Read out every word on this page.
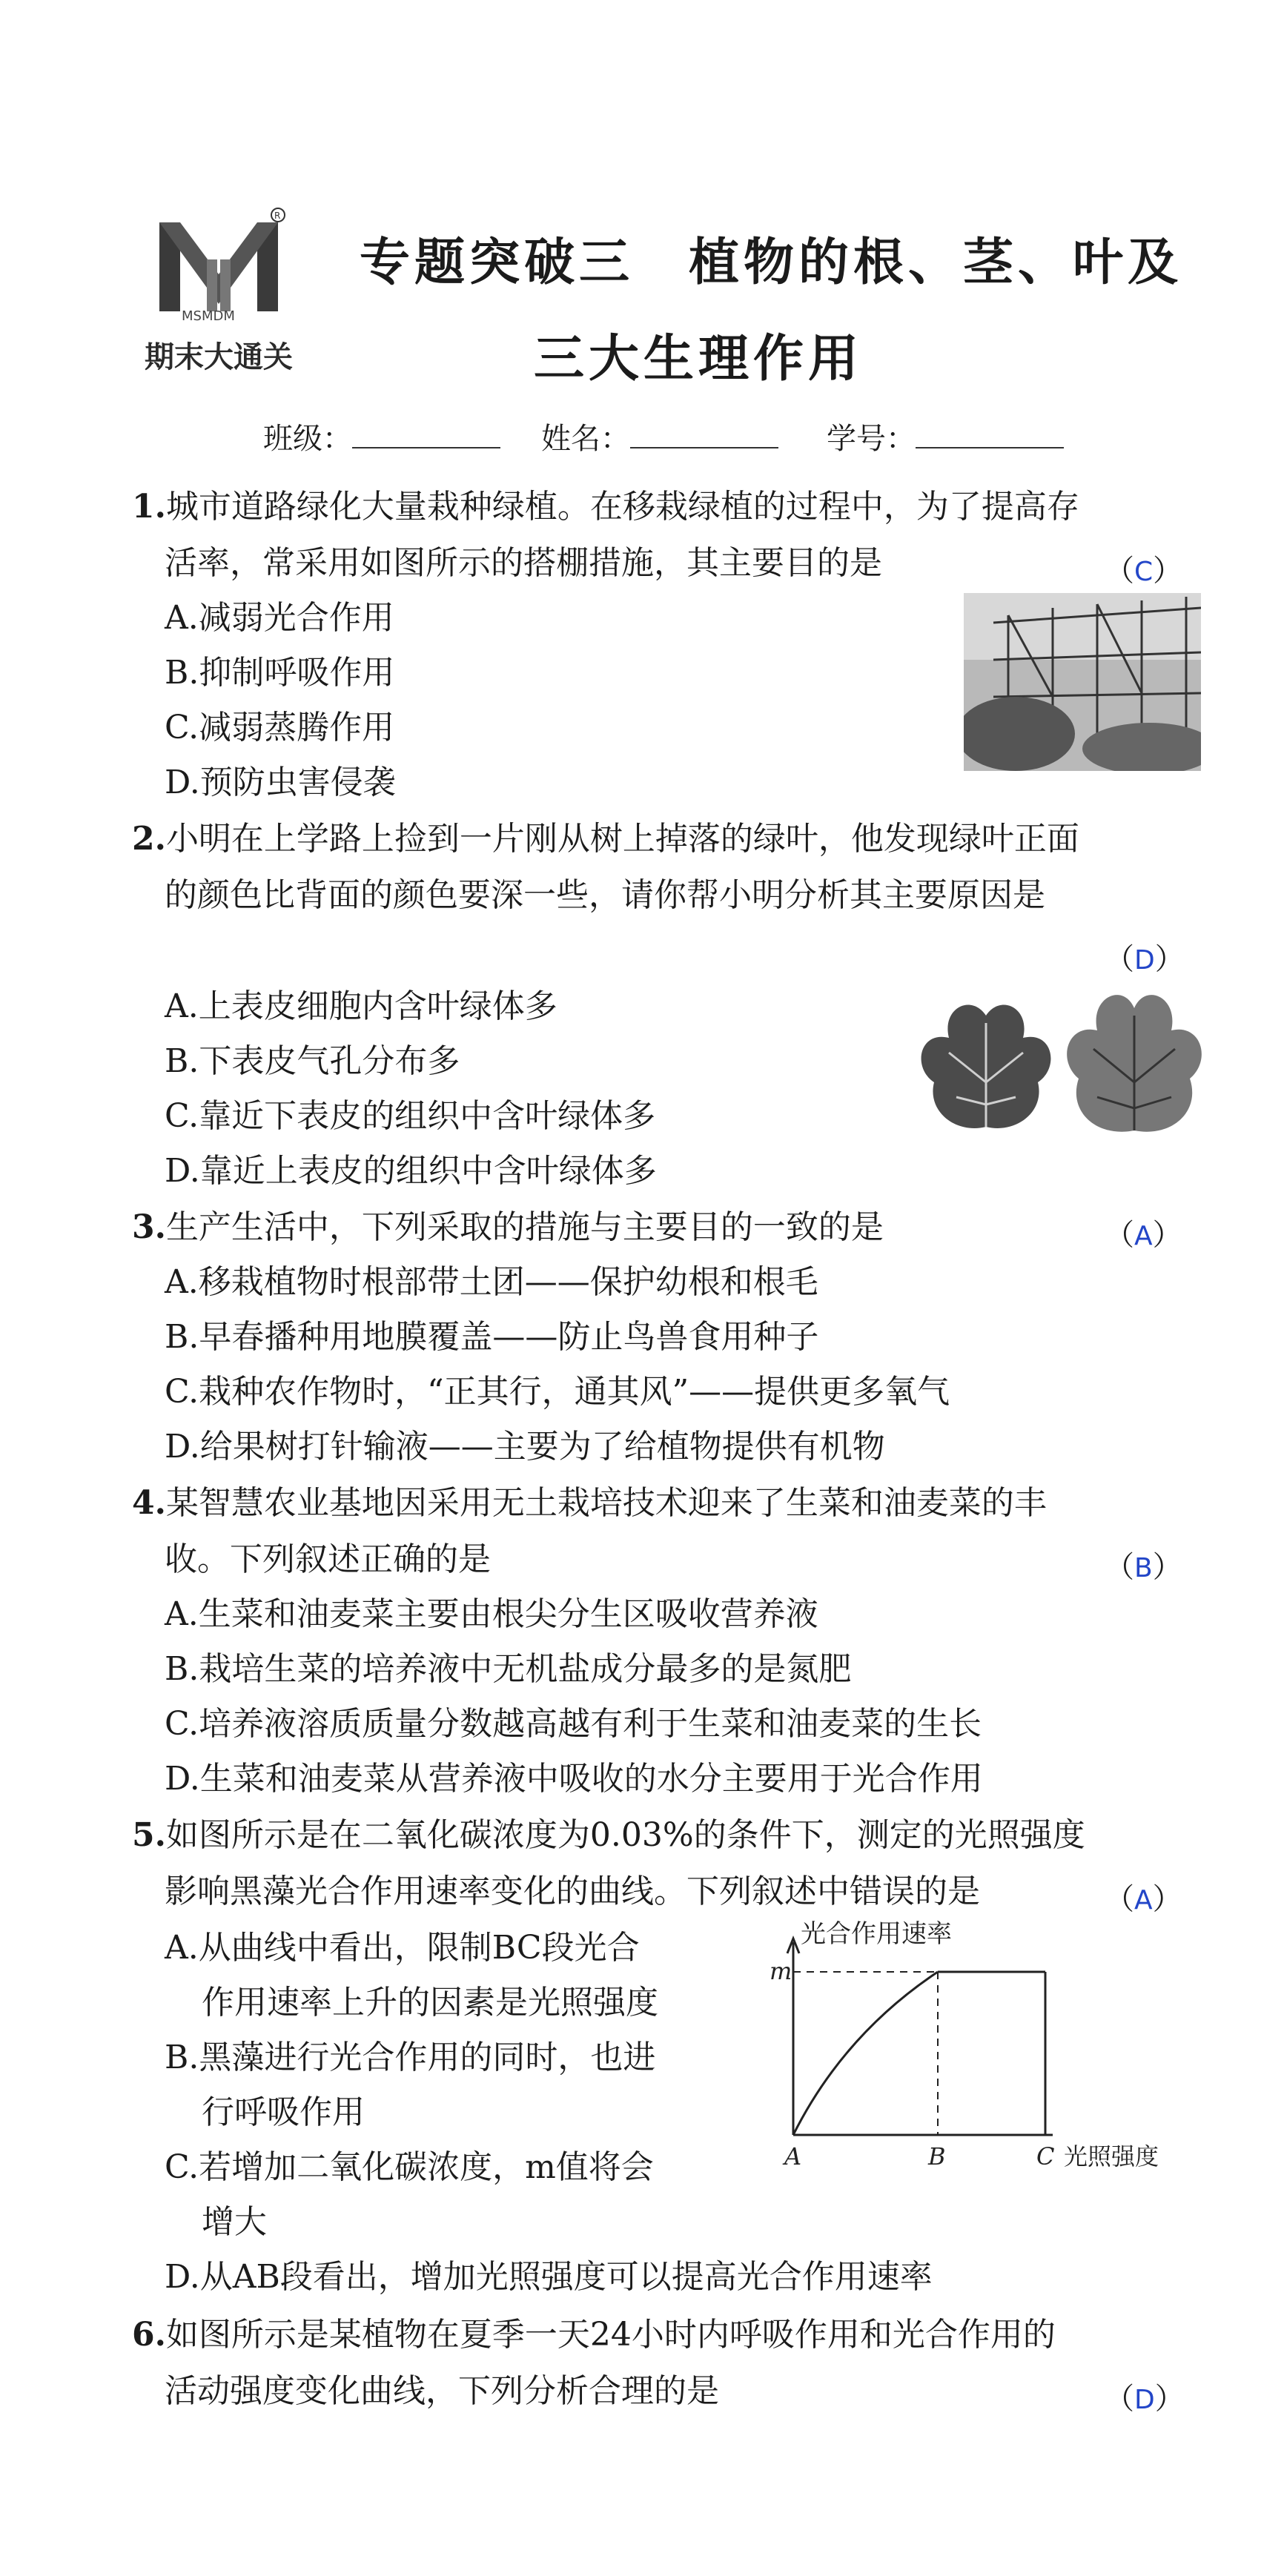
R
MSMDM
期末大通关
专题突破三　植物的根、茎、叶及
三大生理作用
班级：	姓名：	学号：
1.城市道路绿化大量栽种绿植。在移栽绿植的过程中，为了提高存
活率，常采用如图所示的搭棚措施，其主要目的是	（C）
A.减弱光合作用
B.抑制呼吸作用
C.减弱蒸腾作用
D.预防虫害侵袭
2.小明在上学路上捡到一片刚从树上掉落的绿叶，他发现绿叶正面
的颜色比背面的颜色要深一些，请你帮小明分析其主要原因是
（D）
A.上表皮细胞内含叶绿体多
B.下表皮气孔分布多
C.靠近下表皮的组织中含叶绿体多
D.靠近上表皮的组织中含叶绿体多
3.生产生活中，下列采取的措施与主要目的一致的是	（A）
A.移栽植物时根部带土团——保护幼根和根毛
B.早春播种用地膜覆盖——防止鸟兽食用种子
C.栽种农作物时，“正其行，通其风”——提供更多氧气
D.给果树打针输液——主要为了给植物提供有机物
4.某智慧农业基地因采用无土栽培技术迎来了生菜和油麦菜的丰
收。下列叙述正确的是	（B）
A.生菜和油麦菜主要由根尖分生区吸收营养液
B.栽培生菜的培养液中无机盐成分最多的是氮肥
C.培养液溶质质量分数越高越有利于生菜和油麦菜的生长
D.生菜和油麦菜从营养液中吸收的水分主要用于光合作用
5.如图所示是在二氧化碳浓度为0.03%的条件下，测定的光照强度
影响黑藻光合作用速率变化的曲线。下列叙述中错误的是	（A）
A.从曲线中看出，限制BC段光合
作用速率上升的因素是光照强度
B.黑藻进行光合作用的同时，也进
行呼吸作用
C.若增加二氧化碳浓度，m值将会
增大
D.从AB段看出，增加光照强度可以提高光合作用速率
光合作用速率
m
A	B	C 光照强度
6.如图所示是某植物在夏季一天24小时内呼吸作用和光合作用的
活动强度变化曲线，下列分析合理的是	（D）
